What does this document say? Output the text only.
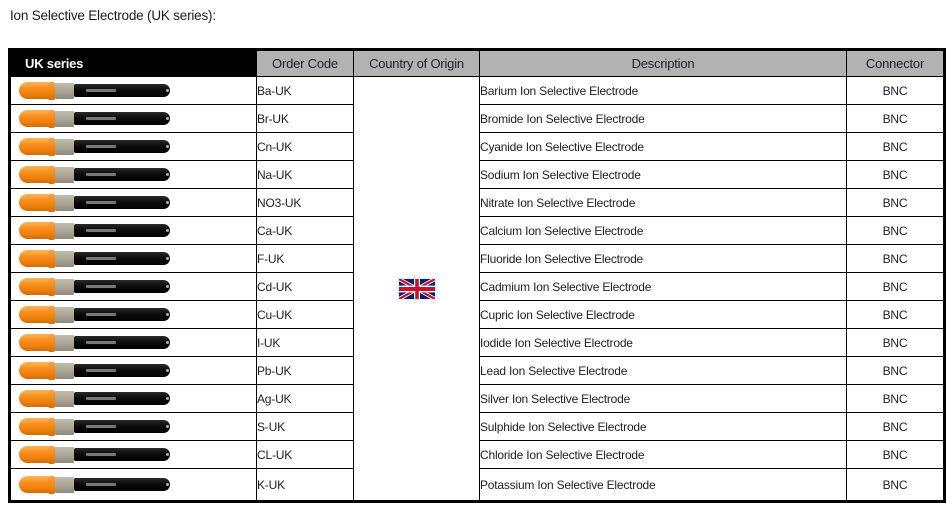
Ion Selective Electrode (UK series):
UK series	Order Code	Country of Origin	Description	Connector

	Ba-UK		Barium Ion Selective Electrode	BNC

	Br-UK		Bromide Ion Selective Electrode	BNC

	Cn-UK		Cyanide Ion Selective Electrode	BNC

	Na-UK		Sodium Ion Selective Electrode	BNC

	NO3-UK		Nitrate Ion Selective Electrode	BNC

	Ca-UK		Calcium Ion Selective Electrode	BNC

	F-UK		Fluoride Ion Selective Electrode	BNC

	Cd-UK		Cadmium Ion Selective Electrode	BNC

	Cu-UK		Cupric Ion Selective Electrode	BNC

	I-UK		Iodide Ion Selective Electrode	BNC

	Pb-UK		Lead Ion Selective Electrode	BNC

	Ag-UK		Silver Ion Selective Electrode	BNC

	S-UK		Sulphide Ion Selective Electrode	BNC

	CL-UK		Chloride Ion Selective Electrode	BNC

	K-UK		Potassium Ion Selective Electrode	BNC
